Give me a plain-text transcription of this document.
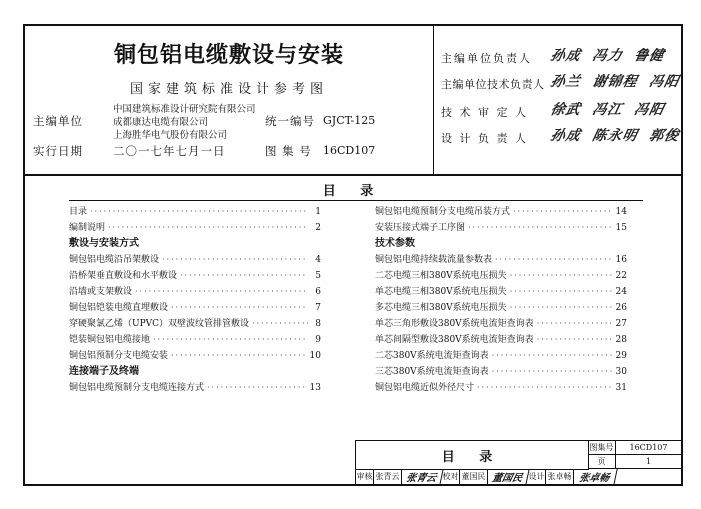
铜包铝电缆敷设与安装
国家建筑标准设计参考图
主编单位
中国建筑标准设计研究院有限公司
成都康达电缆有限公司
上海胜华电气股份有限公司
统一编号 GJCT-125
实行日期	二〇一七年七月一日	图 集 号 16CD107
主编单位负责人 孙成 冯力 鲁健
主编单位技术负责人 孙兰 谢锦程 冯阳
技 术 审 定 人 徐武 冯江 冯阳
设 计 负 责 人 孙成 陈永明 郭俊
目 录
目录 ·····	1
编制说明 ·····	2
敷设与安装方式
铜包铝电缆沿吊架敷设 ·····	4
沿桥架垂直敷设和水平敷设 ·····	5
沿墙或支架敷设 ·····	6
铜包铝铠装电缆直埋敷设 ·····	7
穿硬聚氯乙烯（UPVC）双壁波纹管排管敷设 ·····	8
铠装铜包铝电缆接地 ·····	9
铜包铝预制分支电缆安装 ·····	10
连接端子及终端
铜包铝电缆预制分支电缆连接方式 ·····	13
铜包铝电缆预制分支电缆吊装方式 ·····	14
安装压接式端子工序图 ·····	15
技术参数
铜包铝电缆持续载流量参数表 ·····	16
二芯电缆三相380V系统电压损失 ·····	22
单芯电缆三相380V系统电压损失 ·····	24
多芯电缆三相380V系统电压损失 ·····	26
单芯三角形敷设380V系统电流矩查询表 ·····	27
单芯间隔型敷设380V系统电流矩查询表 ·····	28
二芯380V系统电流矩查询表 ·····	29
三芯380V系统电流矩查询表 ·····	30
铜包铝电缆近似外径尺寸 ·····	31
目 录
图集号	16CD107
页	1
审核 张青云 张青云 校对 董国民 董国民 设计 张卓畅 张卓畅
